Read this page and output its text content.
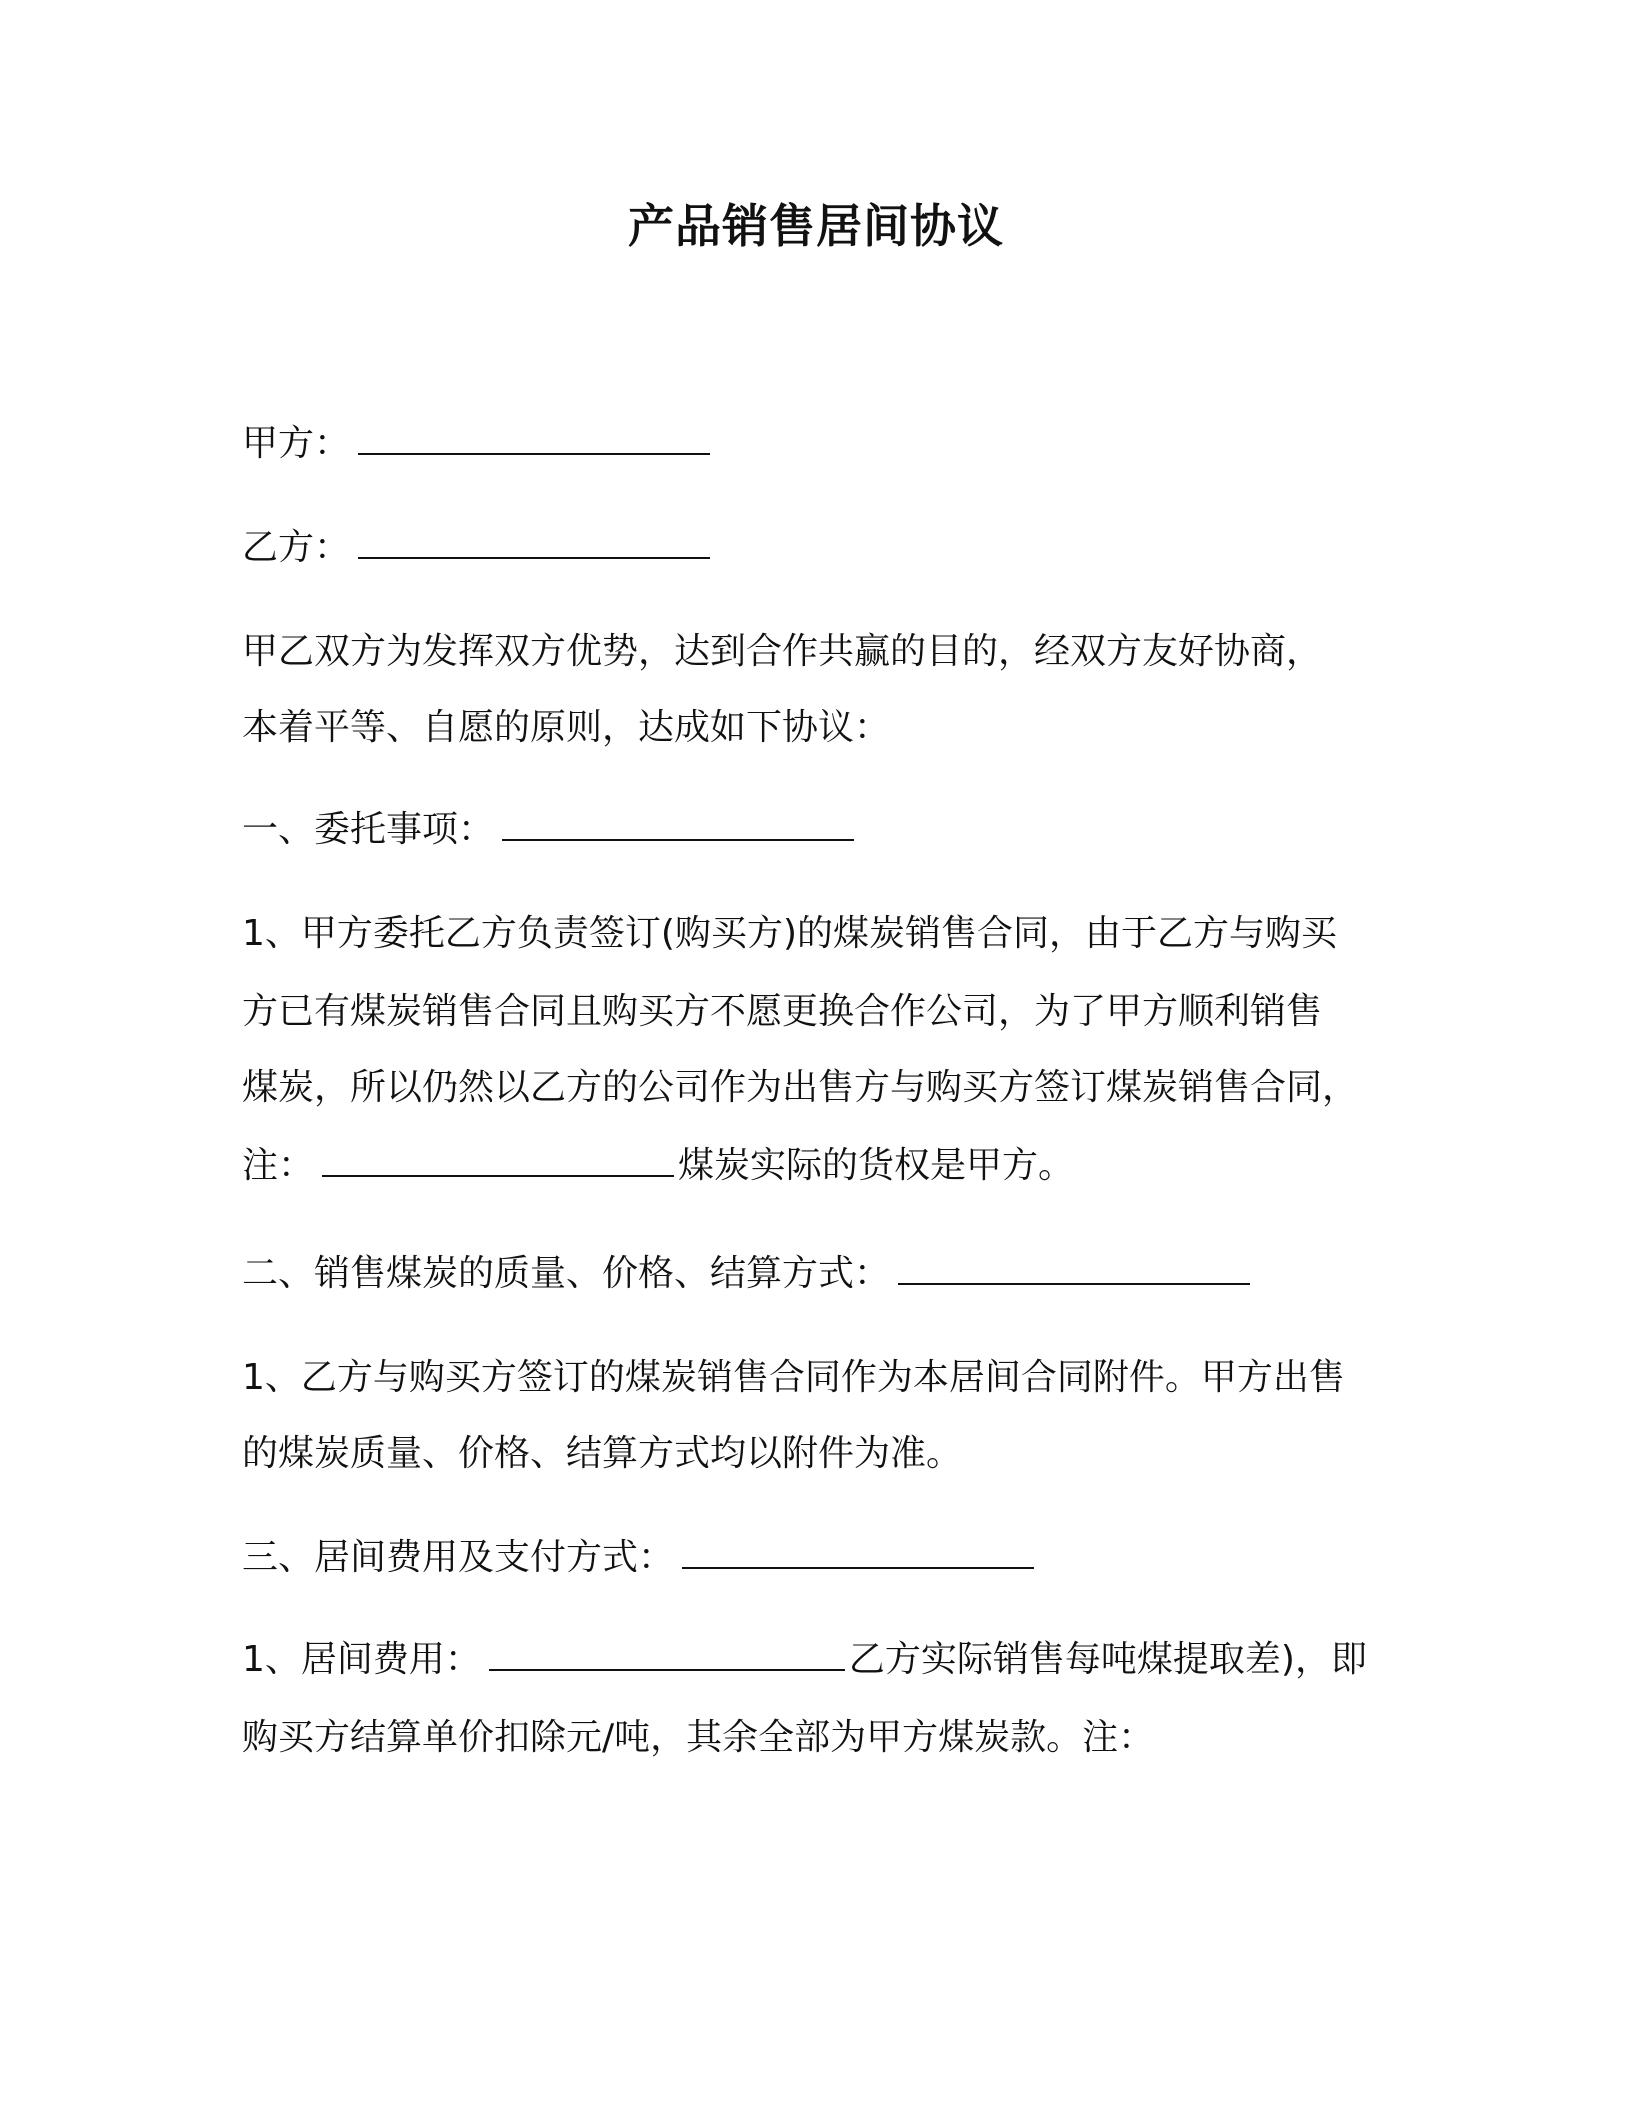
产品销售居间协议
甲方：
乙方：
甲乙双方为发挥双方优势，达到合作共赢的目的，经双方友好协商，
本着平等、自愿的原则，达成如下协议：
一、委托事项：
1、甲方委托乙方负责签订(购买方)的煤炭销售合同，由于乙方与购买
方已有煤炭销售合同且购买方不愿更换合作公司，为了甲方顺利销售
煤炭，所以仍然以乙方的公司作为出售方与购买方签订煤炭销售合同，
注：	煤炭实际的货权是甲方。
二、销售煤炭的质量、价格、结算方式：
1、乙方与购买方签订的煤炭销售合同作为本居间合同附件。甲方出售
的煤炭质量、价格、结算方式均以附件为准。
三、居间费用及支付方式：
1、居间费用：	乙方实际销售每吨煤提取差)，即
购买方结算单价扣除元/吨，其余全部为甲方煤炭款。注：
